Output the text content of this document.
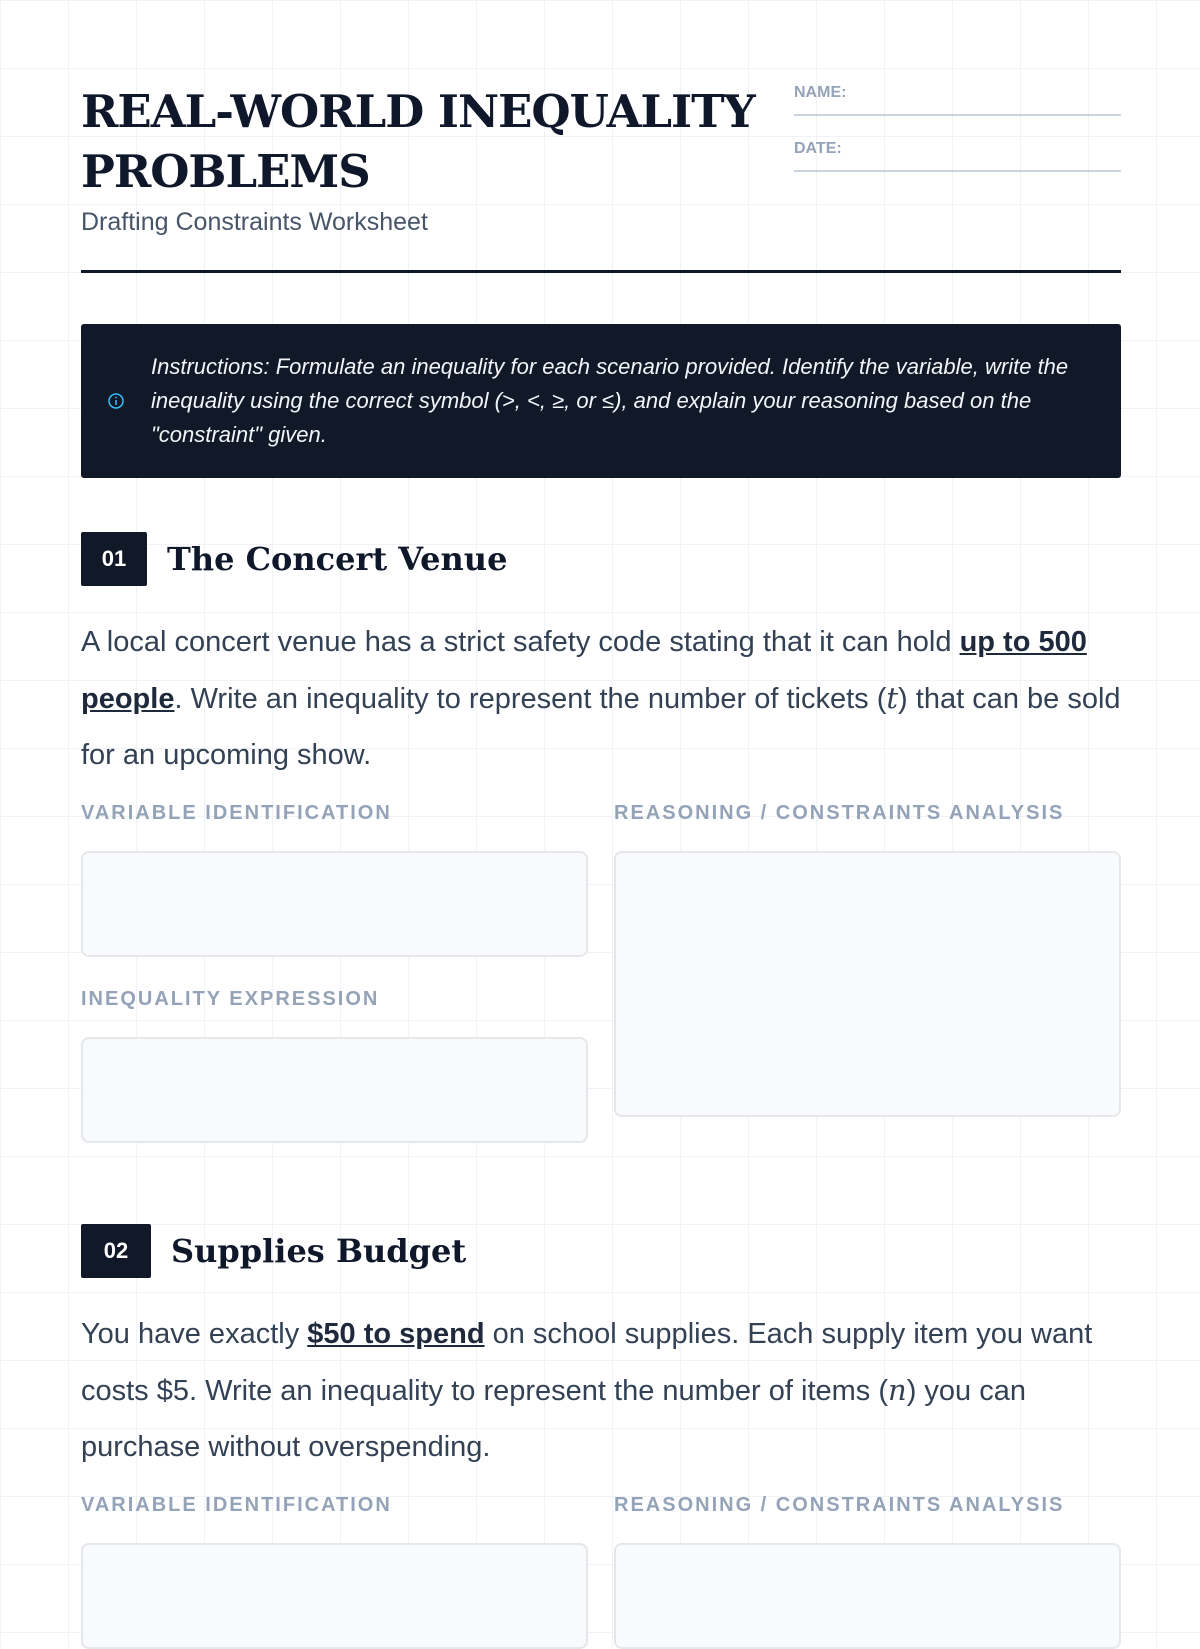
REAL-WORLD INEQUALITY
PROBLEMS
Drafting Constraints Worksheet
NAME:
DATE:
Instructions: Formulate an inequality for each scenario provided. Identify the variable, write the inequality using the correct symbol (>, <, ≥, or ≤), and explain your reasoning based on the "constraint" given.
01	The Concert Venue
A local concert venue has a strict safety code stating that it can hold up to 500 people. Write an inequality to represent the number of tickets (t) that can be sold for an upcoming show.
VARIABLE IDENTIFICATION	REASONING / CONSTRAINTS ANALYSIS
INEQUALITY EXPRESSION
02	Supplies Budget
You have exactly $50 to spend on school supplies. Each supply item you want costs $5. Write an inequality to represent the number of items (n) you can purchase without overspending.
VARIABLE IDENTIFICATION	REASONING / CONSTRAINTS ANALYSIS
